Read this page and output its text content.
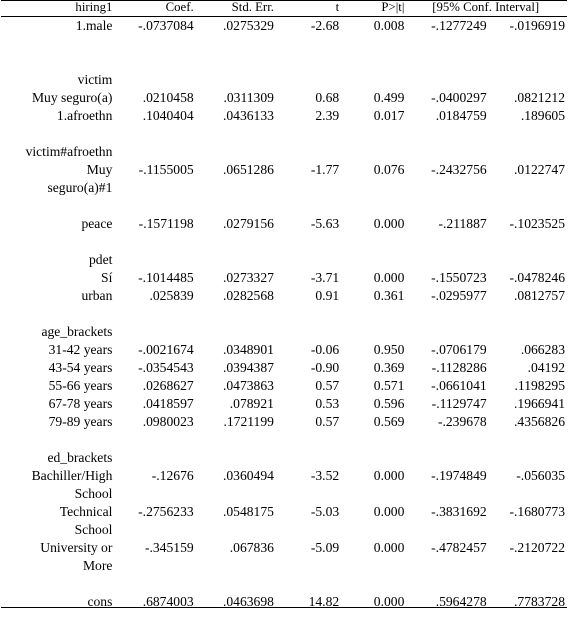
hiring1	Coef.	Std. Err.	t	P>|t|	[95% Conf. Interval]	
1.male	-.0737084	.0275329	-2.68	0.008	-.1277249	-.0196919

victim						
Muy seguro(a)	.0210458	.0311309	0.68	0.499	-.0400297	.0821212
1.afroethn	.1040404	.0436133	2.39	0.017	.0184759	.189605

victim#afroethn						
Muy	-.1155005	.0651286	-1.77	0.076	-.2432756	.0122747
seguro(a)#1						

peace	-.1571198	.0279156	-5.63	0.000	-.211887	-.1023525

pdet						
Sí	-.1014485	.0273327	-3.71	0.000	-.1550723	-.0478246
urban	.025839	.0282568	0.91	0.361	-.0295977	.0812757

age_brackets						
31-42 years	-.0021674	.0348901	-0.06	0.950	-.0706179	.066283
43-54 years	-.0354543	.0394387	-0.90	0.369	-.1128286	.04192
55-66 years	.0268627	.0473863	0.57	0.571	-.0661041	.1198295
67-78 years	.0418597	.078921	0.53	0.596	-.1129747	.1966941
79-89 years	.0980023	.1721199	0.57	0.569	-.239678	.4356826

ed_brackets						
Bachiller/High	-.12676	.0360494	-3.52	0.000	-.1974849	-.056035
School						
Technical	-.2756233	.0548175	-5.03	0.000	-.3831692	-.1680773
School						
University or	-.345159	.067836	-5.09	0.000	-.4782457	-.2120722
More						

cons	.6874003	.0463698	14.82	0.000	.5964278	.7783728
